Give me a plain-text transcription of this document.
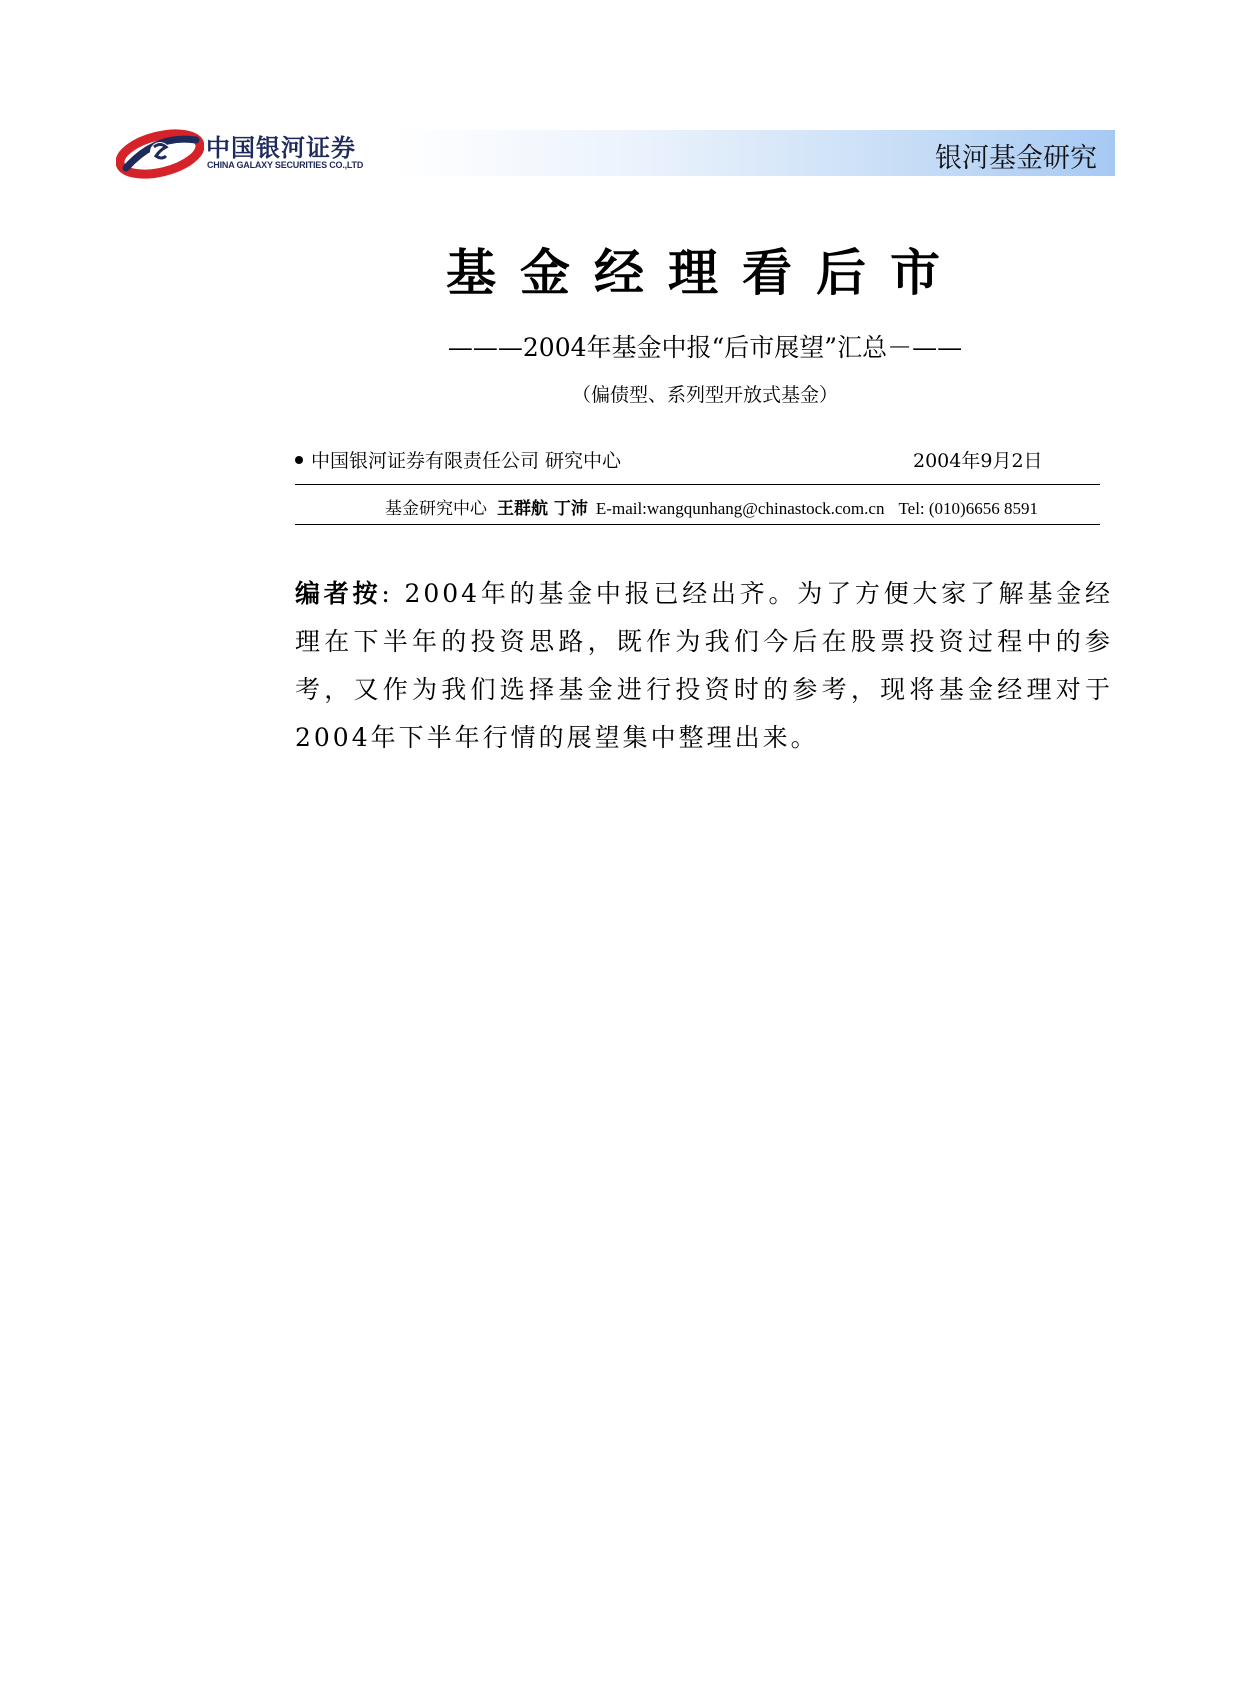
中国银河证券
CHINA GALAXY SECURITIES CO.,LTD	银河基金研究
基金经理看后市
———2004年基金中报“后市展望”汇总－——
（偏债型、系列型开放式基金）
中国银河证券有限责任公司 研究中心	2004年9月2日
基金研究中心 王群航 丁沛 E-mail:wangqunhang@chinastock.com.cn Tel: (010)6656 8591
编者按: 2004年的基金中报已经出齐。为了方便大家了解基金经理在下半年的投资思路，既作为我们今后在股票投资过程中的参考，又作为我们选择基金进行投资时的参考，现将基金经理对于2004年下半年行情的展望集中整理出来。
